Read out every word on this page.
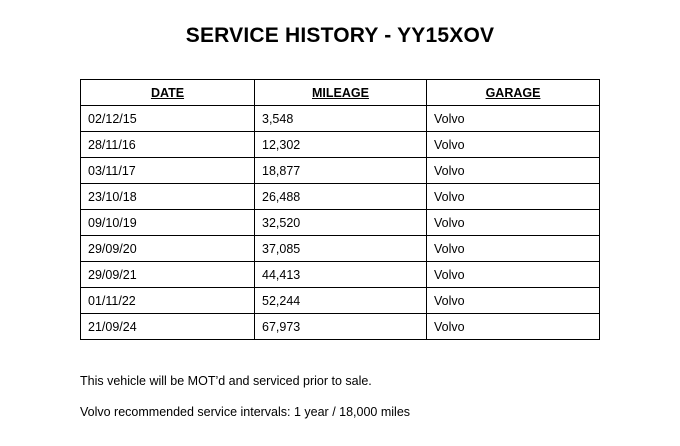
SERVICE HISTORY - YY15XOV
DATE	MILEAGE	GARAGE
02/12/15	3,548	Volvo
28/11/16	12,302	Volvo
03/11/17	18,877	Volvo
23/10/18	26,488	Volvo
09/10/19	32,520	Volvo
29/09/20	37,085	Volvo
29/09/21	44,413	Volvo
01/11/22	52,244	Volvo
21/09/24	67,973	Volvo

This vehicle will be MOT’d and serviced prior to sale.

Volvo recommended service intervals: 1 year / 18,000 miles
